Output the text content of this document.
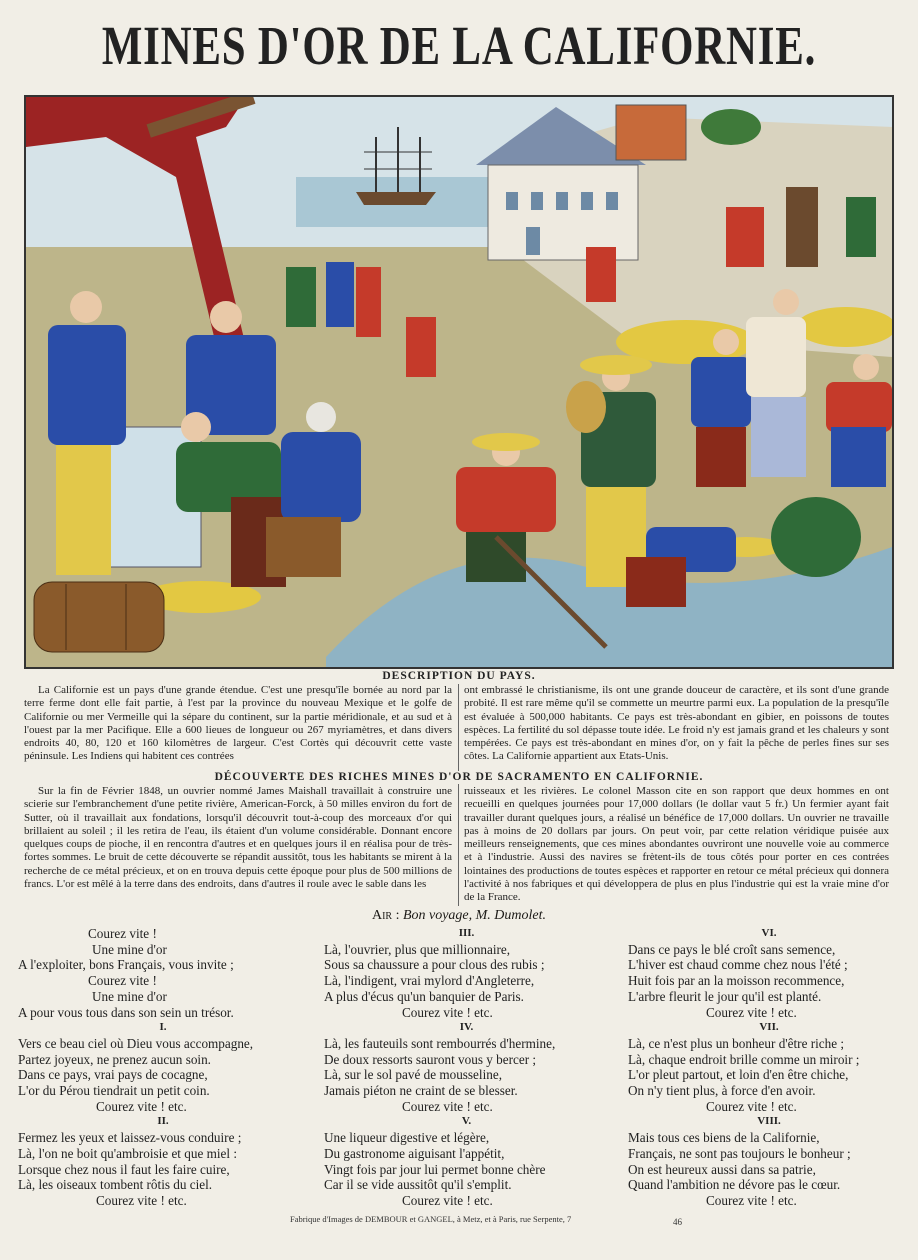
MINES D'OR DE LA CALIFORNIE.
DESCRIPTION DU PAYS.

La Californie est un pays d'une grande étendue. C'est une presqu'île bornée au nord par la terre ferme dont elle fait partie, à l'est par la province du nouveau Mexique et le golfe de Californie ou mer Vermeille qui la sépare du continent, sur la partie méridionale, et au sud et à l'ouest par la mer Pacifique. Elle a 600 lieues de longueur ou 267 myriamètres, et dans divers endroits 40, 80, 120 et 160 kilomètres de largeur. C'est Cortès qui découvrit cette vaste péninsule. Les Indiens qui habitent ces contrées

ont embrassé le christianisme, ils ont une grande douceur de caractère, et ils sont d'une grande probité. Il est rare même qu'il se commette un meurtre parmi eux. La population de la presqu'île est évaluée à 500,000 habitants. Ce pays est très-abondant en gibier, en poissons de toutes espèces. La fertilité du sol dépasse toute idée. Le froid n'y est jamais grand et les chaleurs y sont tempérées. Ce pays est très-abondant en mines d'or, on y fait la pêche de perles fines sur ses côtes. La Californie appartient aux Etats-Unis.

DÉCOUVERTE DES RICHES MINES D'OR DE SACRAMENTO EN CALIFORNIE.

Sur la fin de Février 1848, un ouvrier nommé James Maishall travaillait à construire une scierie sur l'embranchement d'une petite rivière, American-Forck, à 50 milles environ du fort de Sutter, où il travaillait aux fondations, lorsqu'il découvrit tout-à-coup des morceaux d'or qui brillaient au soleil ; il les retira de l'eau, ils étaient d'un volume considérable. Donnant encore quelques coups de pioche, il en rencontra d'autres et en quelques jours il en réalisa pour de très-fortes sommes. Le bruit de cette découverte se répandit aussitôt, tous les habitants se mirent à la recherche de ce métal précieux, et on en trouva depuis cette époque pour plus de 500 millions de francs. L'or est mêlé à la terre dans des endroits, dans d'autres il roule avec le sable dans les

ruisseaux et les rivières. Le colonel Masson cite en son rapport que deux hommes en ont recueilli en quelques journées pour 17,000 dollars (le dollar vaut 5 fr.) Un fermier ayant fait travailler durant quelques jours, a réalisé un bénéfice de 17,000 dollars. Un ouvrier ne travaille pas à moins de 20 dollars par jours. On peut voir, par cette relation véridique puisée aux meilleurs renseignements, que ces mines abondantes ouvriront une nouvelle voie au commerce et à l'industrie. Aussi des navires se frètent-ils de tous côtés pour porter en ces contrées lointaines des productions de toutes espèces et rapporter en retour ce métal précieux qui donnera l'activité à nos fabriques et qui développera de plus en plus l'industrie qui est la vraie mine d'or de la France.

Air : Bon voyage, M. Dumolet.
Courez vite !
Une mine d'or
A l'exploiter, bons Français, vous invite ;
Courez vite !
Une mine d'or
A pour vous tous dans son sein un trésor.
I.
Vers ce beau ciel où Dieu vous accompagne,
Partez joyeux, ne prenez aucun soin.
Dans ce pays, vrai pays de cocagne,
L'or du Pérou tiendrait un petit coin.
Courez vite ! etc.
II.
Fermez les yeux et laissez-vous conduire ;
Là, l'on ne boit qu'ambroisie et que miel :
Lorsque chez nous il faut les faire cuire,
Là, les oiseaux tombent rôtis du ciel.
Courez vite ! etc.
III.
Là, l'ouvrier, plus que millionnaire,
Sous sa chaussure a pour clous des rubis ;
Là, l'indigent, vrai mylord d'Angleterre,
A plus d'écus qu'un banquier de Paris.
Courez vite ! etc.
IV.
Là, les fauteuils sont rembourrés d'hermine,
De doux ressorts sauront vous y bercer ;
Là, sur le sol pavé de mousseline,
Jamais piéton ne craint de se blesser.
Courez vite ! etc.
V.
Une liqueur digestive et légère,
Du gastronome aiguisant l'appétit,
Vingt fois par jour lui permet bonne chère
Car il se vide aussitôt qu'il s'emplit.
Courez vite ! etc.
VI.
Dans ce pays le blé croît sans semence,
L'hiver est chaud comme chez nous l'été ;
Huit fois par an la moisson recommence,
L'arbre fleurit le jour qu'il est planté.
Courez vite ! etc.
VII.
Là, ce n'est plus un bonheur d'être riche ;
Là, chaque endroit brille comme un miroir ;
L'or pleut partout, et loin d'en être chiche,
On n'y tient plus, à force d'en avoir.
Courez vite ! etc.
VIII.
Mais tous ces biens de la Californie,
Français, ne sont pas toujours le bonheur ;
On est heureux aussi dans sa patrie,
Quand l'ambition ne dévore pas le cœur.
Courez vite ! etc.
Fabrique d'Images de DEMBOUR et GANGEL, à Metz, et à Paris, rue Serpente, 7	46
